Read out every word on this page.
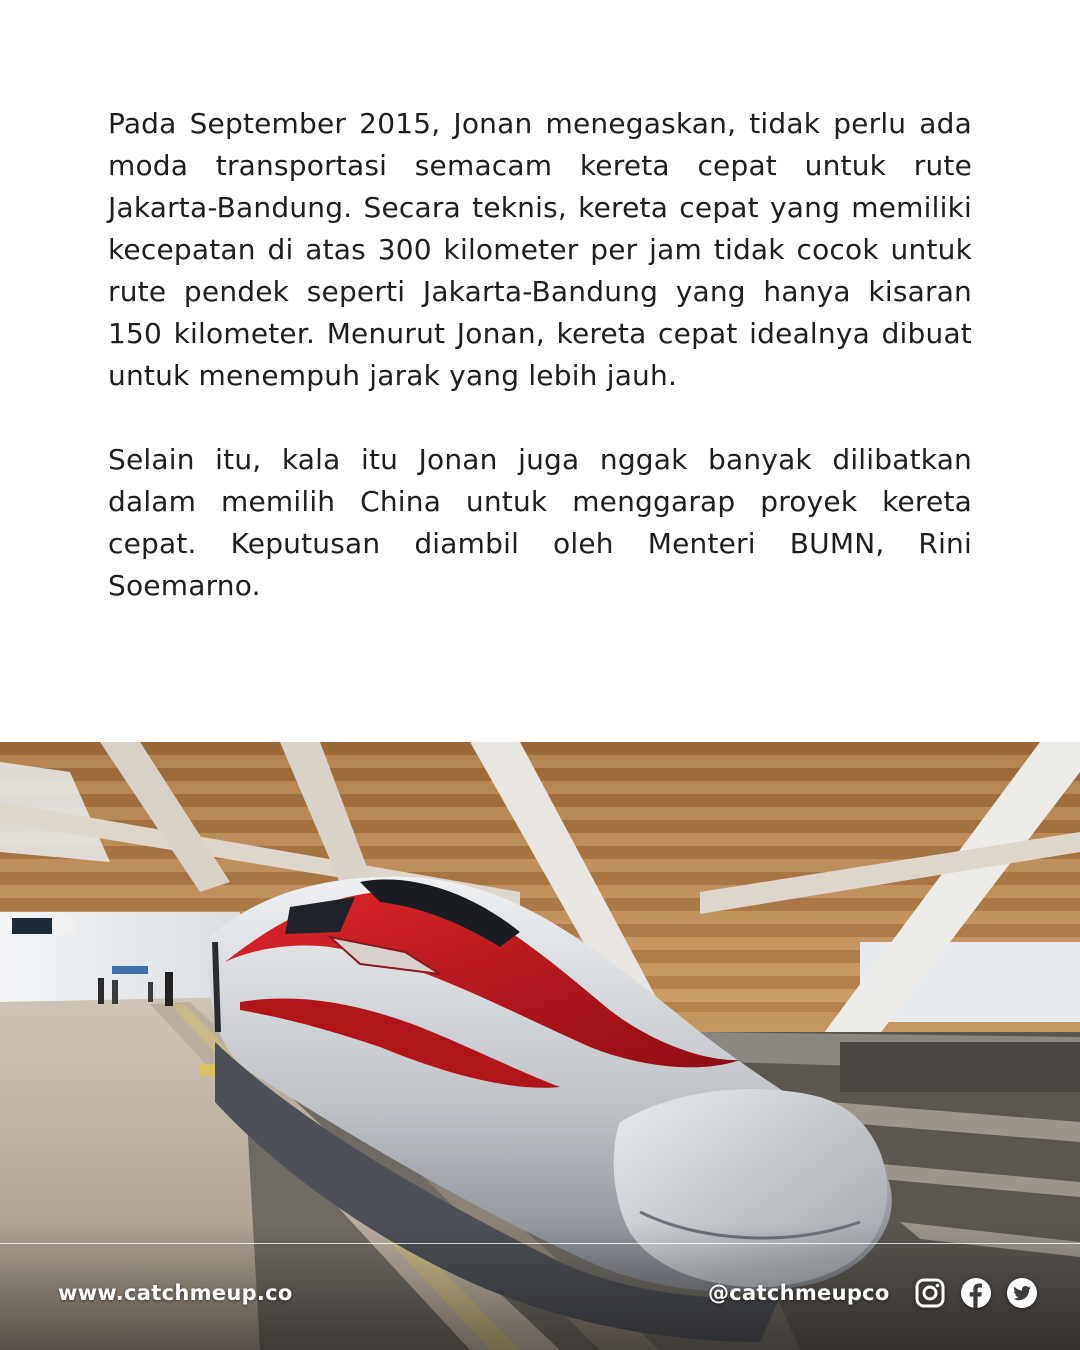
Pada September 2015, Jonan menegaskan, tidak perlu ada moda transportasi semacam kereta cepat untuk rute Jakarta-Bandung. Secara teknis, kereta cepat yang memiliki kecepatan di atas 300 kilometer per jam tidak cocok untuk rute pendek seperti Jakarta-Bandung yang hanya kisaran 150 kilometer. Menurut Jonan, kereta cepat idealnya dibuat untuk menempuh jarak yang lebih jauh.

Selain itu, kala itu Jonan juga nggak banyak dilibatkan dalam memilih China untuk menggarap proyek kereta cepat. Keputusan diambil oleh Menteri BUMN, Rini Soemarno.

www.catchmeup.co	@catchmeupco
